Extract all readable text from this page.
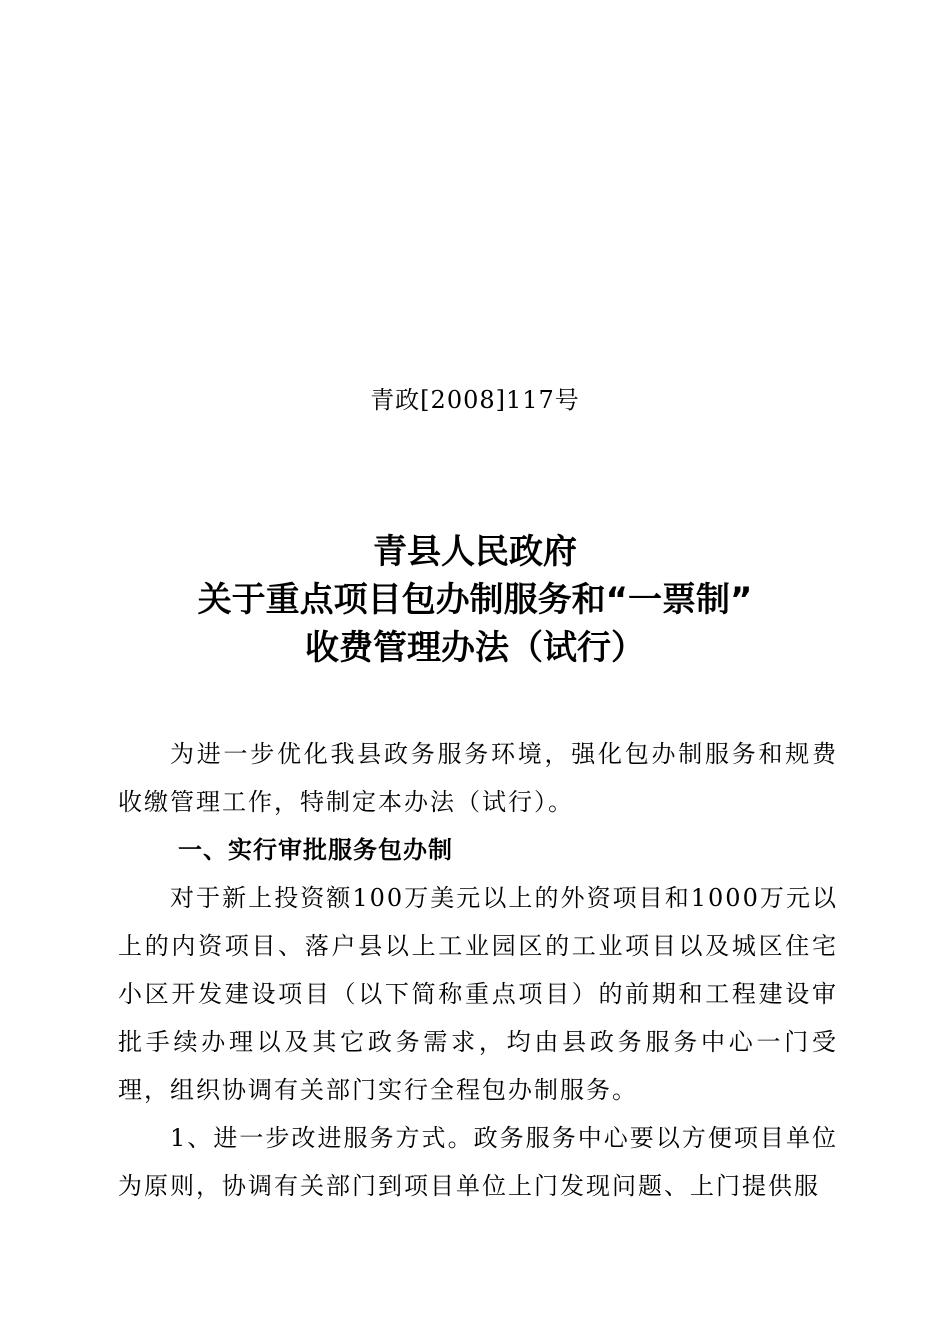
青政[2008]117号
青县人民政府
关于重点项目包办制服务和“一票制”
收费管理办法（试行）

为进一步优化我县政务服务环境，强化包办制服务和规费收缴管理工作，特制定本办法（试行）。

一、实行审批服务包办制

对于新上投资额100万美元以上的外资项目和1000万元以上的内资项目、落户县以上工业园区的工业项目以及城区住宅小区开发建设项目（以下简称重点项目）的前期和工程建设审批手续办理以及其它政务需求，均由县政务服务中心一门受理，组织协调有关部门实行全程包办制服务。

1、进一步改进服务方式。政务服务中心要以方便项目单位为原则，协调有关部门到项目单位上门发现问题、上门提供服
